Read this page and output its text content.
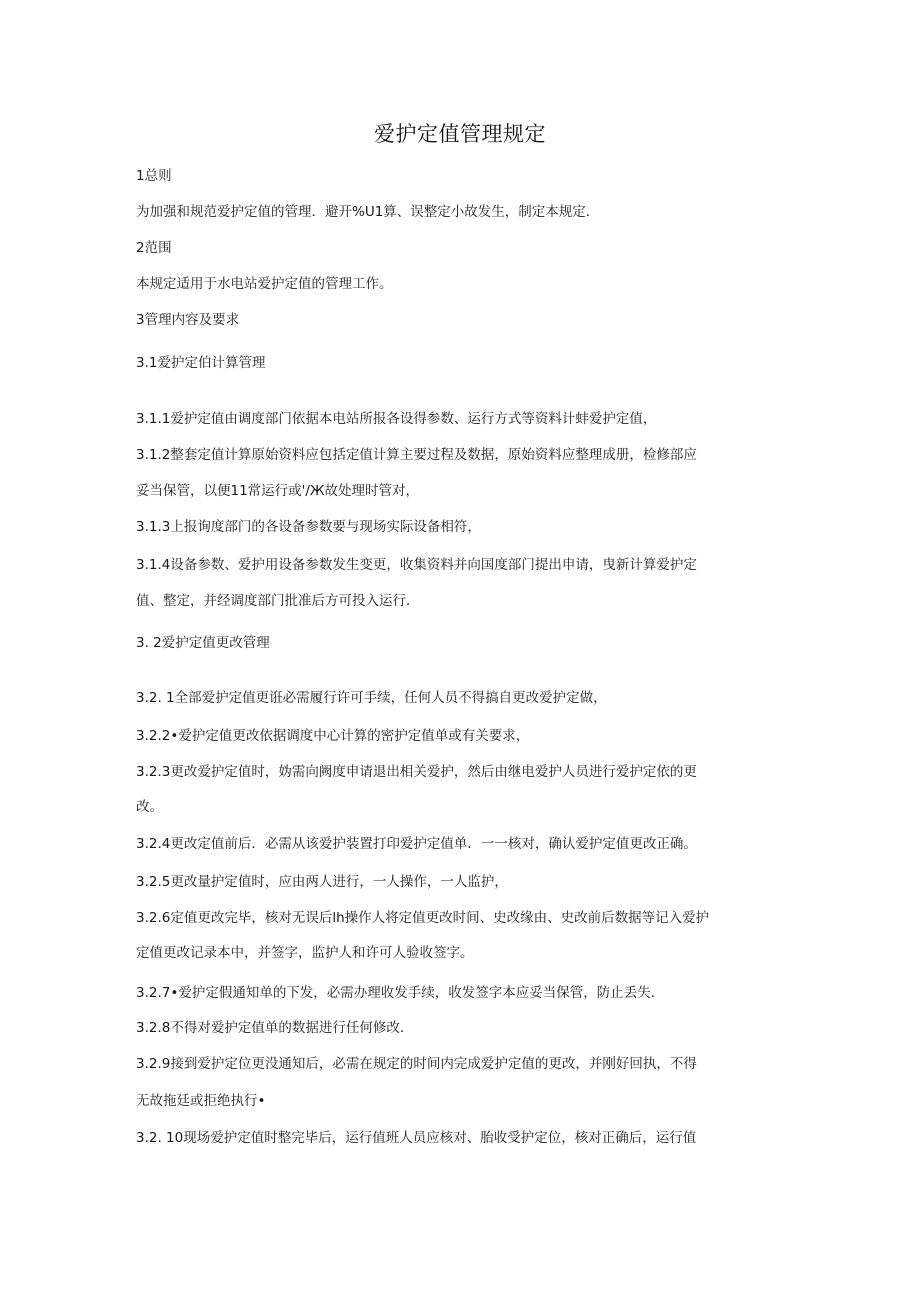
爱护定值管理规定
1总则
为加强和规范爱护定值的管理．避开%U1算、误整定小故发生，制定本规定．
2范围
本规定适用于水电站爱护定值的管理工作。
3管理内容及要求
3.1爱护定伯计算管理
3.1.1爱护定值由调度部门依据本电站所报各设得参数、运行方式等资料计蚌爱护定值，
3.1.2整套定值计算原始资料应包括定值计算主要过程及数据，原始资料应整理成册，检修部应
妥当保管，以便11常运行或'/Ж故处理时管对，
3.1.3上报询度部门的各设备参数要与现场实际设备相符，
3.1.4设备参数、爱护用设备参数发生变更，收集资料并向国度部门提出申请，曳新计算爱护定
值、整定，并经调度部门批准后方可投入运行．
3. 2爱护定值更改管理
3.2. 1全部爱护定值更诳必需履行许可手续，任何人员不得搞自更改爱护定做，
3.2.2•爱护定值更改依据调度中心计算的密护定值单或有关要求，
3.2.3更改爱护定值时，妫需向阙度申请退出相关爱护，然后由继电爱护人员进行爱护定依的更
改。
3.2.4更改定值前后．必需从该爱护装置打印爱护定值单．一一核对，确认爱护定值更改正确。
3.2.5更改量护定值时，应由两人进行，一人操作，一人监护，
3.2.6定值更改完毕，核对无误后lh操作人将定值更改时间、史改缘由、史改前后数据等记入爱护
定值更改记录本中，并签字，监护人和许可人验收签字。
3.2.7•爱护定假通知单的下发，必需办理收发手续，收发签字本应妥当保管，防止丢失．
3.2.8不得对爱护定值单的数据进行任何修改．
3.2.9接到爱护定位更没通知后，必需在规定的时间内完成爱护定值的更改，并刚好回执，不得
无故拖廷或拒绝执行•
3.2. 10现场爱护定值时整完毕后，运行值班人员应核对、胎收受护定位，核对正确后，运行值
